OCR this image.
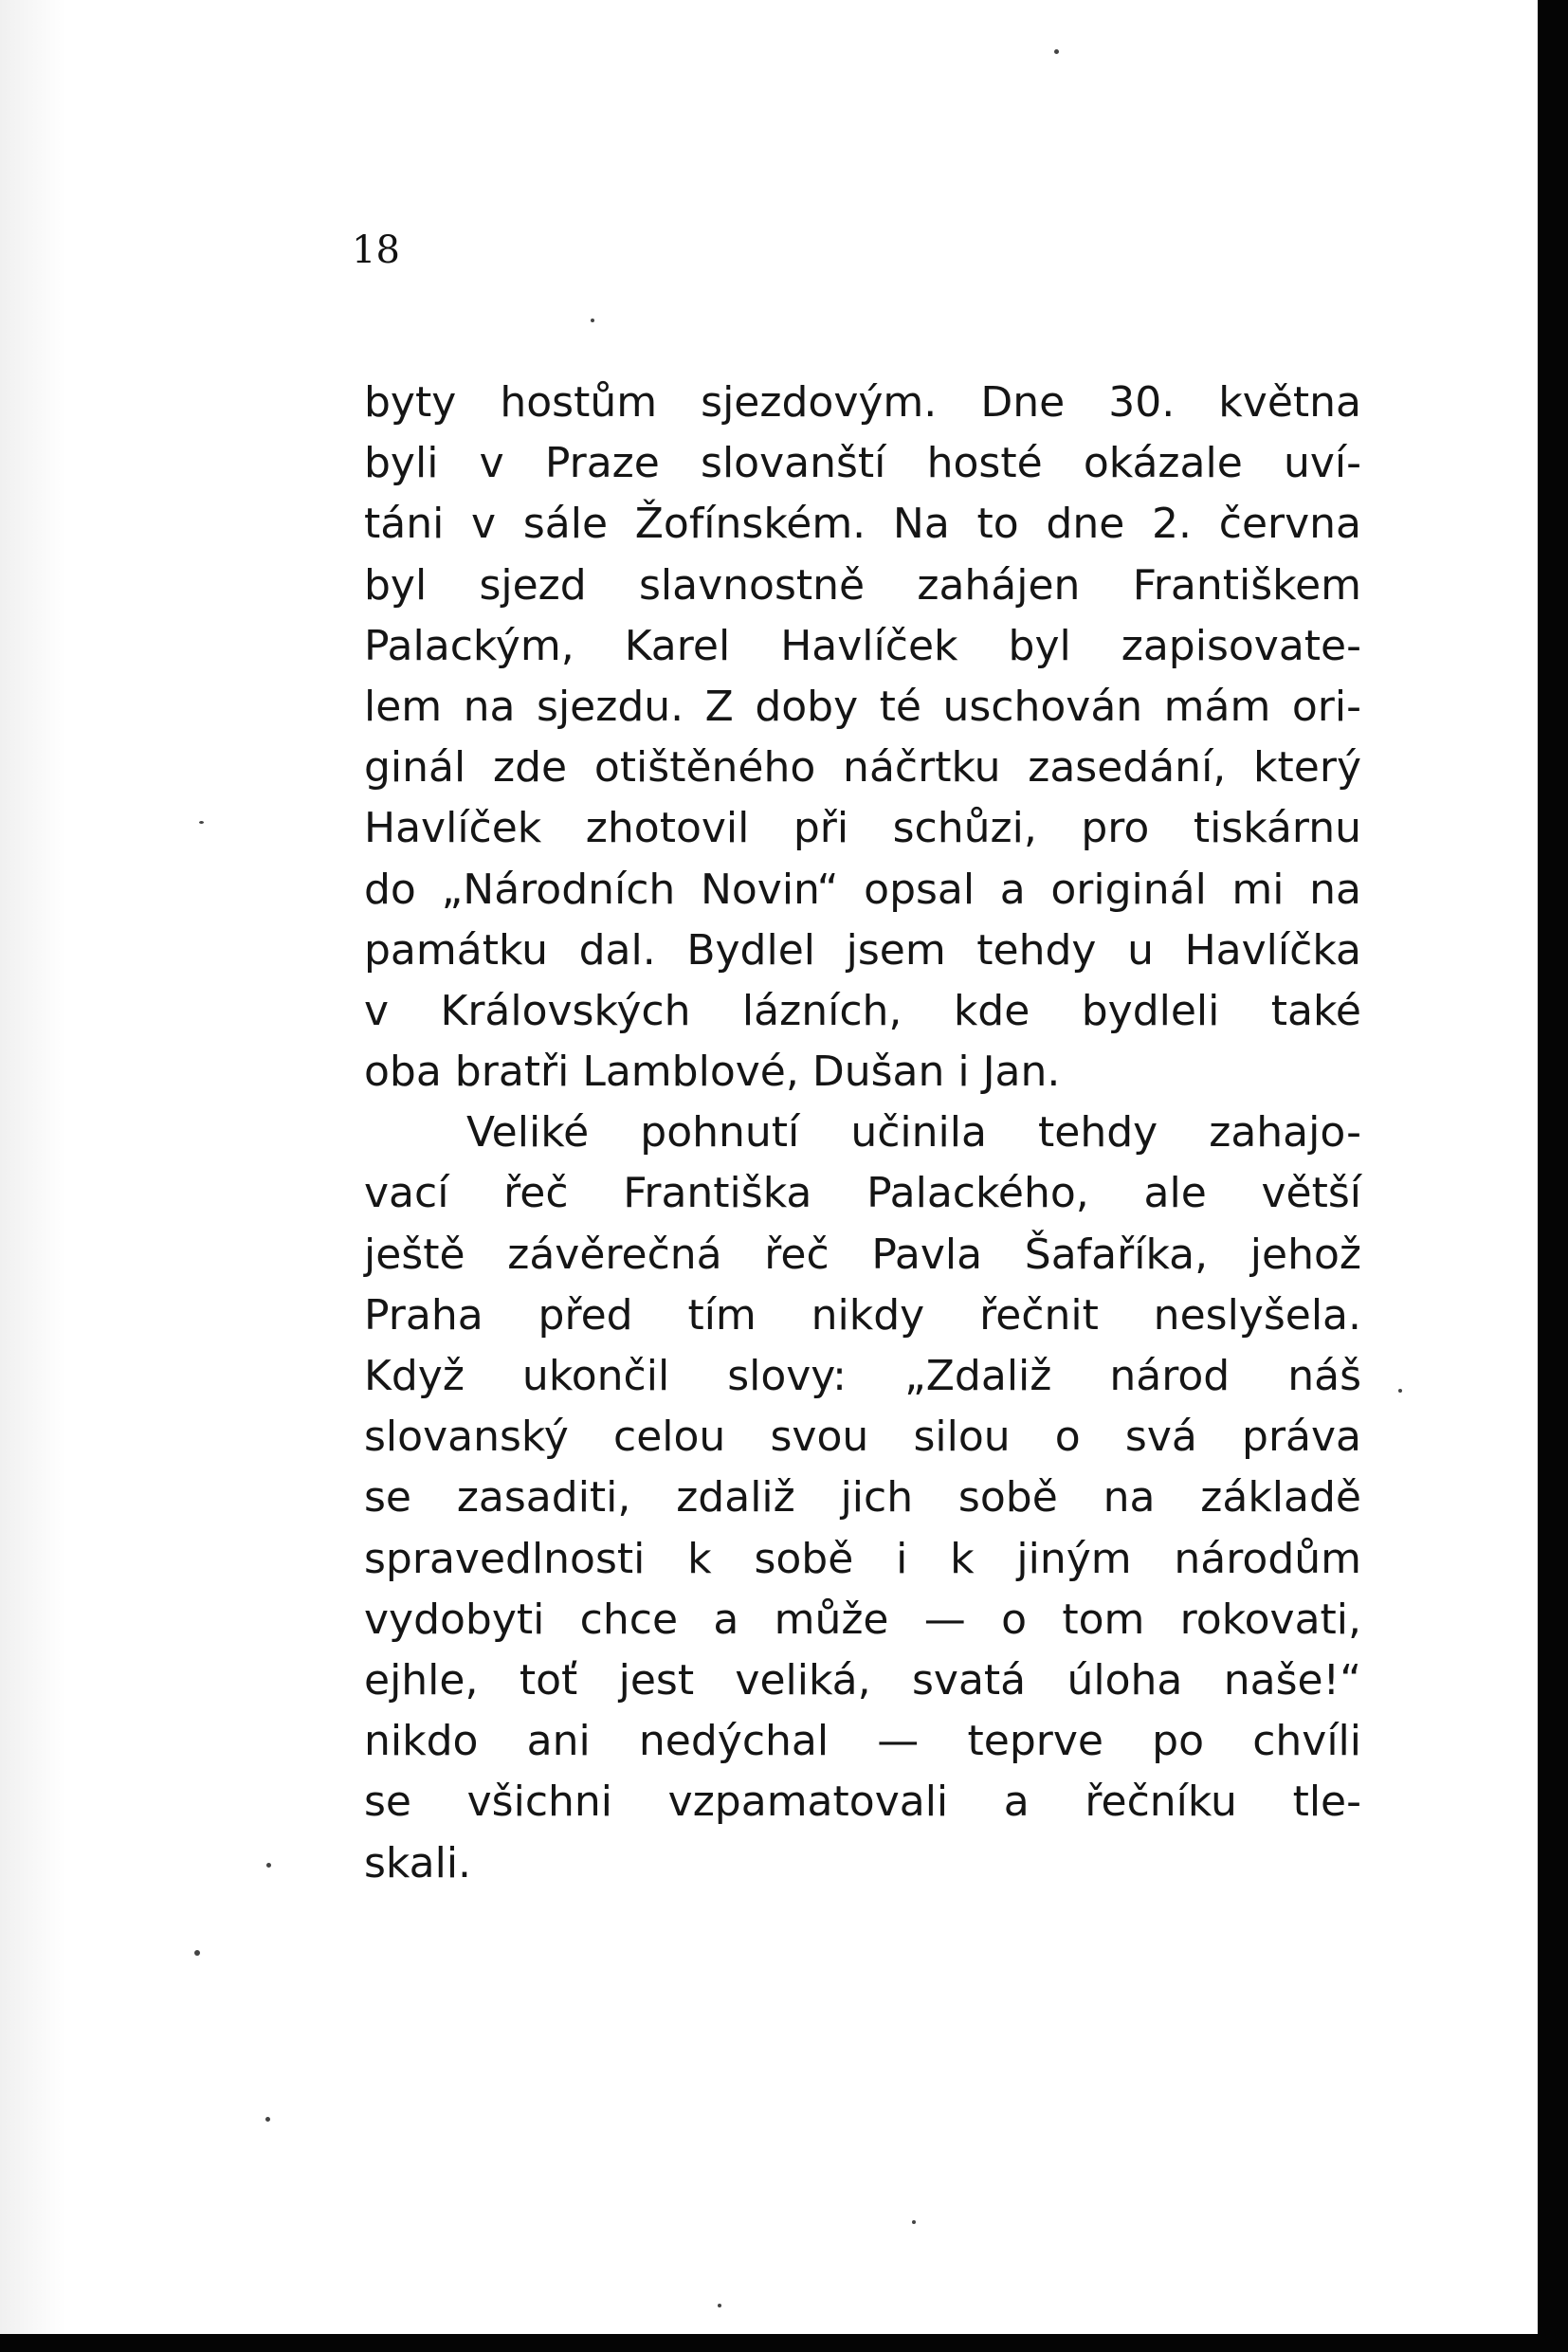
18
byty hostům sjezdovým. Dne 30. května
byli v Praze slovanští hosté okázale uví-
táni v sále Žofínském. Na to dne 2. června
byl sjezd slavnostně zahájen Františkem
Palackým, Karel Havlíček byl zapisovate-
lem na sjezdu. Z doby té uschován mám ori-
ginál zde otištěného náčrtku zasedání, který
Havlíček zhotovil při schůzi, pro tiskárnu
do „Národních Novin“ opsal a originál mi na
památku dal. Bydlel jsem tehdy u Havlíčka
v Královských lázních, kde bydleli také
oba bratři Lamblové, Dušan i Jan.
Veliké pohnutí učinila tehdy zahajo-
vací řeč Františka Palackého, ale větší
ještě závěrečná řeč Pavla Šafaříka, jehož
Praha před tím nikdy řečnit neslyšela.
Když ukončil slovy: „Zdaliž národ náš
slovanský celou svou silou o svá práva
se zasaditi, zdaliž jich sobě na základě
spravedlnosti k sobě i k jiným národům
vydobyti chce a může — o tom rokovati,
ejhle, toť jest veliká, svatá úloha naše!“
nikdo ani nedýchal — teprve po chvíli
se všichni vzpamatovali a řečníku tle-
skali.
